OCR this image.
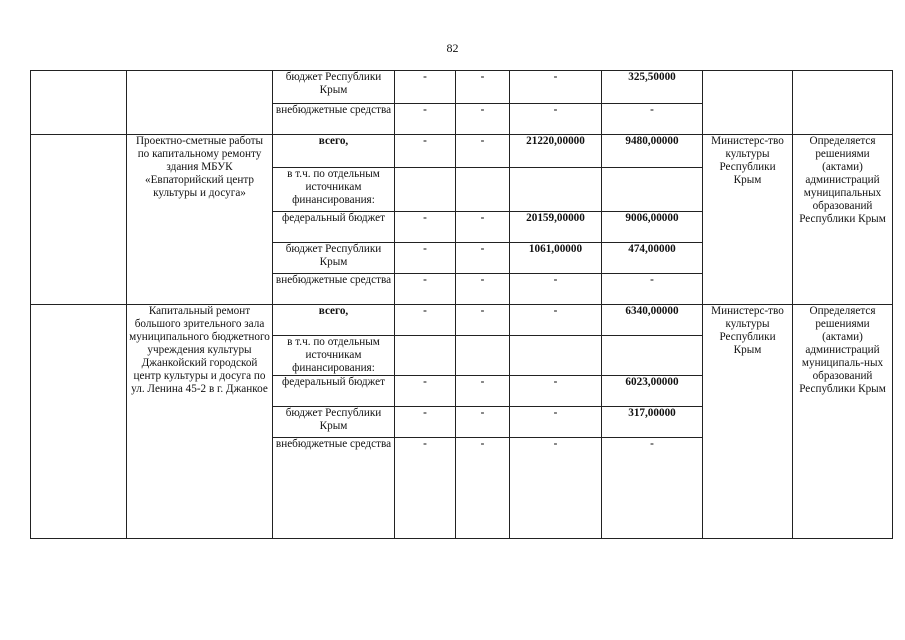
82
		бюджет Республики Крым	-	-	-	325,50000		
		внебюджетные средства	-	-	-	-		
	Проектно-сметные работы по капитальному ремонту здания МБУК «Евпаторийский центр культуры и досуга»	всего,	-	-	21220,00000	9480,00000	Министерс-тво культуры Республики Крым	Определяется решениями (актами) администраций муниципальных образований Республики Крым
		в т.ч. по отдельным источникам финансирования:						
		федеральный бюджет	-	-	20159,00000	9006,00000		
		бюджет Республики Крым	-	-	1061,00000	474,00000		
		внебюджетные средства	-	-	-	-		
	Капитальный ремонт большого зрительного зала муниципального бюджетного учреждения культуры Джанкойский городской центр культуры и досуга по ул. Ленина 45-2 в г. Джанкое	всего,	-	-	-	6340,00000	Министерс-тво культуры Республики Крым	Определяется решениями (актами) администраций муниципаль-ных образований Республики Крым
		в т.ч. по отдельным источникам финансирования:						
		федеральный бюджет	-	-	-	6023,00000		
		бюджет Республики Крым	-	-	-	317,00000		
		внебюджетные средства	-	-	-	-		
